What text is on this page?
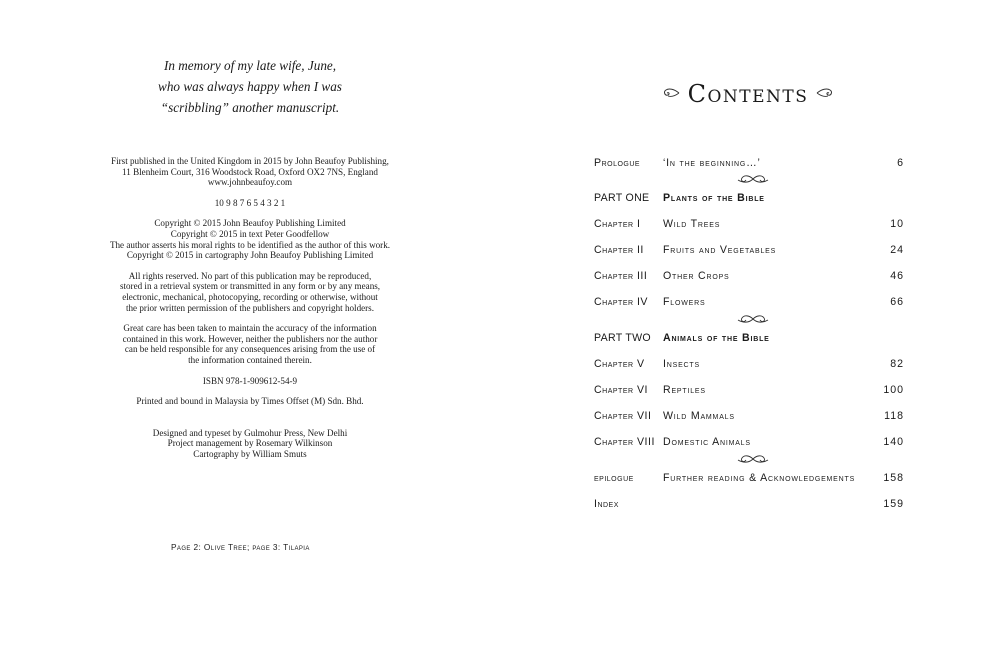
In memory of my late wife, June,
who was always happy when I was
“scribbling” another manuscript.
First published in the United Kingdom in 2015 by John Beaufoy Publishing,
11 Blenheim Court, 316 Woodstock Road, Oxford OX2 7NS, England
www.johnbeaufoy.com
10 9 8 7 6 5 4 3 2 1
Copyright © 2015 John Beaufoy Publishing Limited
Copyright © 2015 in text Peter Goodfellow
The author asserts his moral rights to be identified as the author of this work.
Copyright © 2015 in cartography John Beaufoy Publishing Limited
All rights reserved. No part of this publication may be reproduced,
stored in a retrieval system or transmitted in any form or by any means,
electronic, mechanical, photocopying, recording or otherwise, without
the prior written permission of the publishers and copyright holders.
Great care has been taken to maintain the accuracy of the information
contained in this work. However, neither the publishers nor the author
can be held responsible for any consequences arising from the use of
the information contained therein.
ISBN 978-1-909612-54-9
Printed and bound in Malaysia by Times Offset (M) Sdn. Bhd.
Designed and typeset by Gulmohur Press, New Delhi
Project management by Rosemary Wilkinson
Cartography by William Smuts
Page 2: Olive Tree; page 3: Tilapia
Contents
Prologue ‘In the beginning…’	6
PART ONE Plants of the Bible
Chapter I Wild Trees	10
Chapter II Fruits and Vegetables	24
Chapter III Other Crops	46
Chapter IV Flowers	66
PART TWO Animals of the Bible
Chapter V Insects	82
Chapter VI Reptiles	100
Chapter VII Wild Mammals	118
Chapter VIII Domestic Animals	140
epilogue	Further reading & Acknowledgements	158
Index	159
